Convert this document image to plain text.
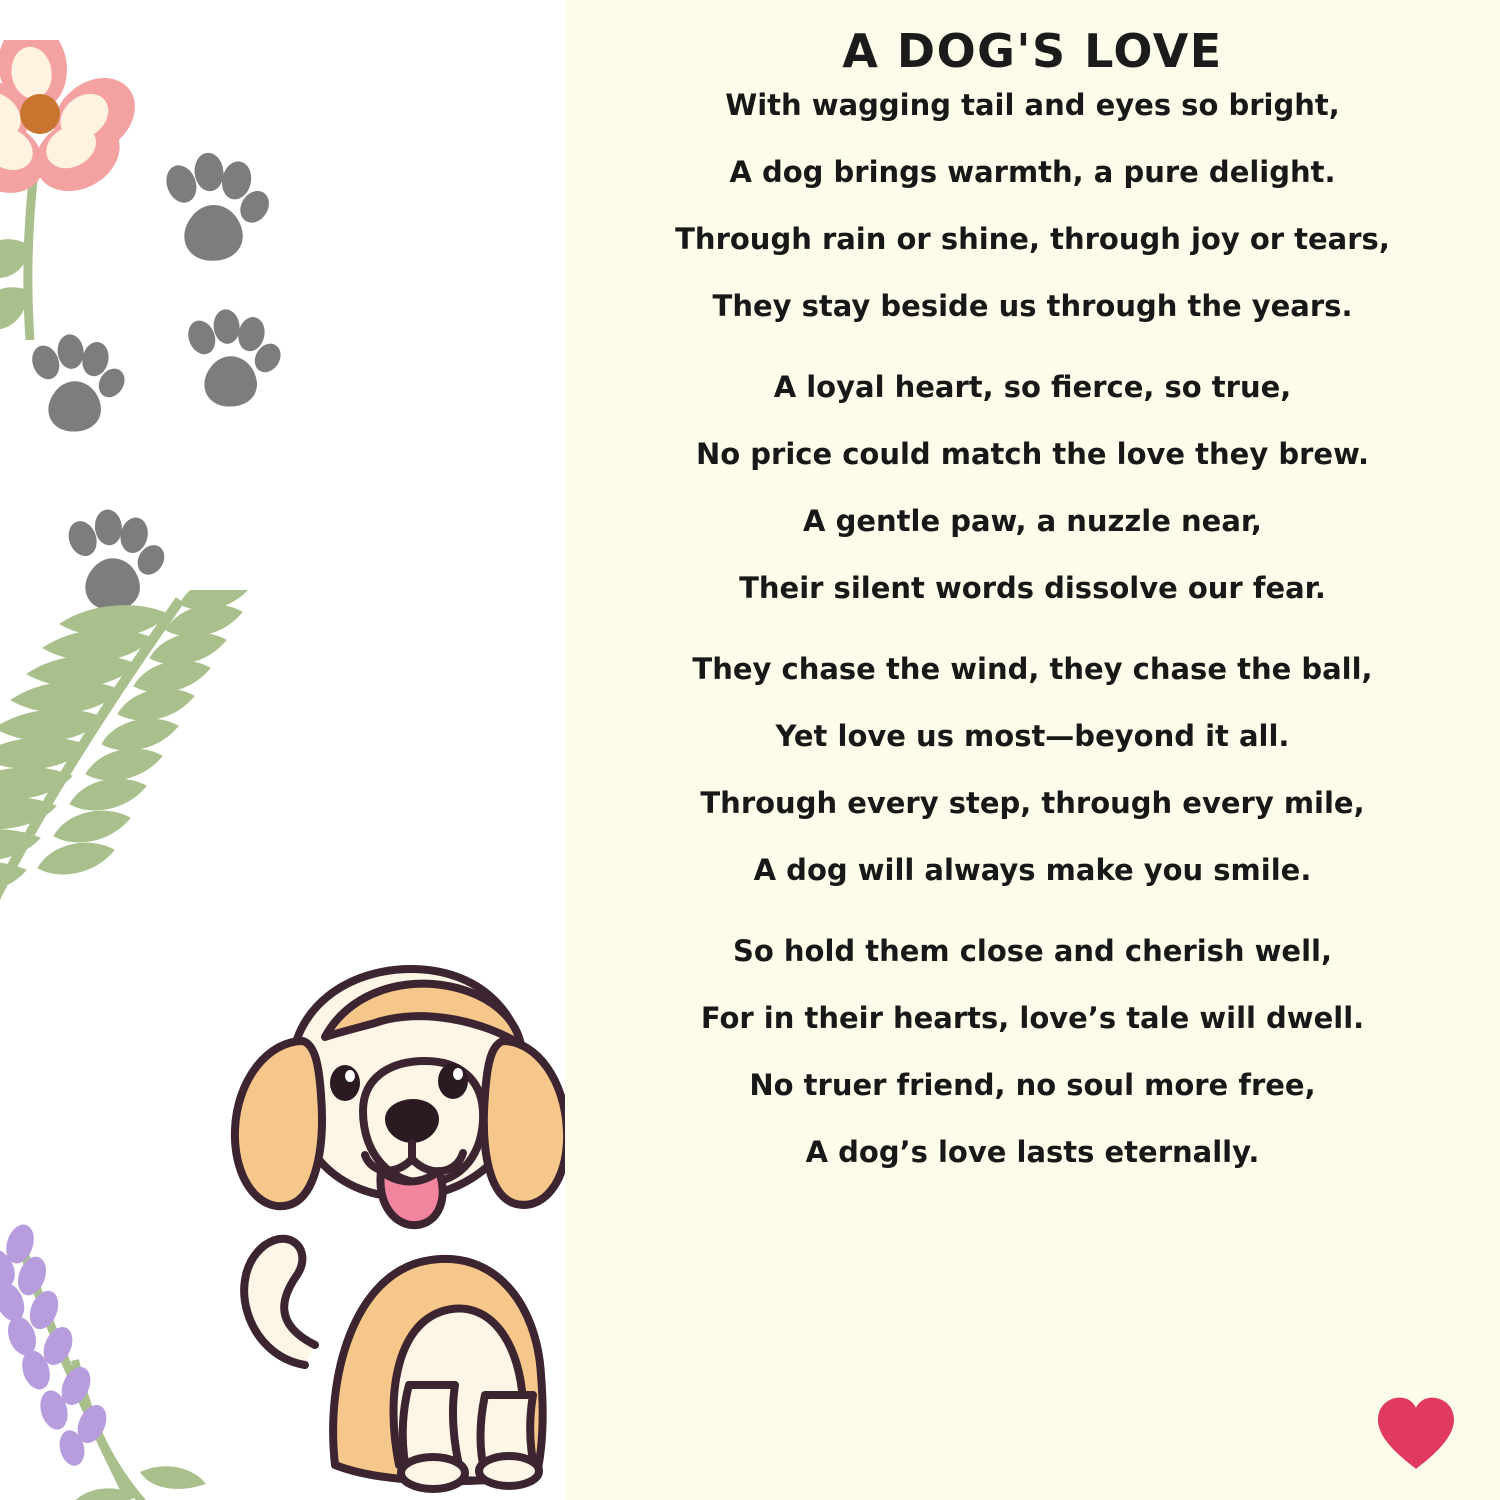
A DOG'S LOVE
With wagging tail and eyes so bright,
A dog brings warmth, a pure delight.
Through rain or shine, through joy or tears,
They stay beside us through the years.
A loyal heart, so fierce, so true,
No price could match the love they brew.
A gentle paw, a nuzzle near,
Their silent words dissolve our fear.
They chase the wind, they chase the ball,
Yet love us most—beyond it all.
Through every step, through every mile,
A dog will always make you smile.
So hold them close and cherish well,
For in their hearts, love’s tale will dwell.
No truer friend, no soul more free,
A dog’s love lasts eternally.
